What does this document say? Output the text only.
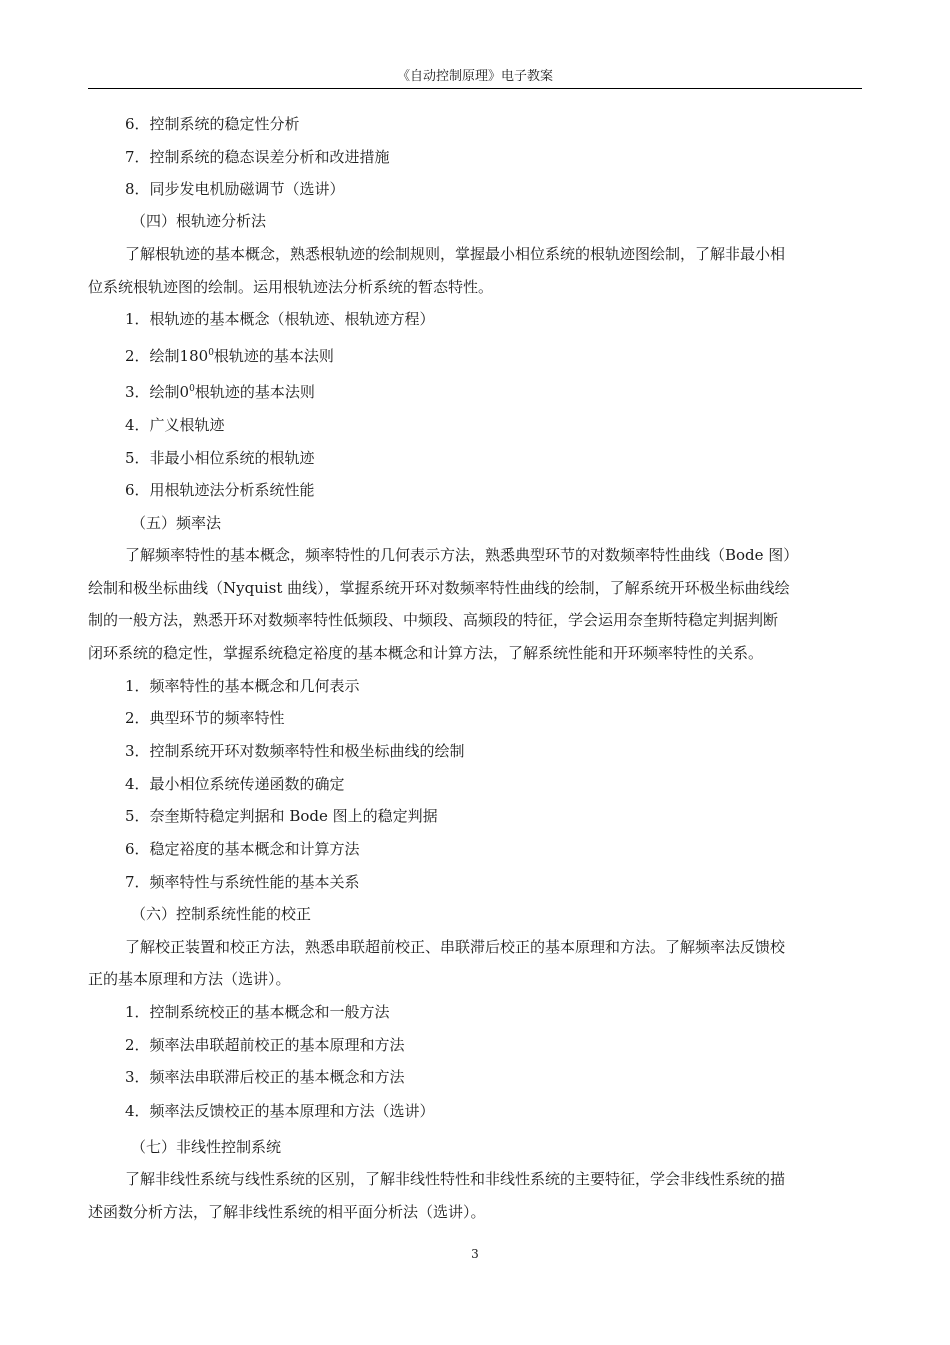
《自动控制原理》电子教案
6．控制系统的稳定性分析
7．控制系统的稳态误差分析和改进措施
8．同步发电机励磁调节（选讲）
（四）根轨迹分析法
了解根轨迹的基本概念，熟悉根轨迹的绘制规则，掌握最小相位系统的根轨迹图绘制，了解非最小相
位系统根轨迹图的绘制。运用根轨迹法分析系统的暂态特性。
1．根轨迹的基本概念（根轨迹、根轨迹方程）
2．绘制$180^0$根轨迹的基本法则
3．绘制$0^0$根轨迹的基本法则
4．广义根轨迹
5．非最小相位系统的根轨迹
6．用根轨迹法分析系统性能
（五）频率法
了解频率特性的基本概念，频率特性的几何表示方法，熟悉典型环节的对数频率特性曲线（Bode 图）
绘制和极坐标曲线（Nyquist 曲线），掌握系统开环对数频率特性曲线的绘制，了解系统开环极坐标曲线绘
制的一般方法，熟悉开环对数频率特性低频段、中频段、高频段的特征，学会运用奈奎斯特稳定判据判断
闭环系统的稳定性，掌握系统稳定裕度的基本概念和计算方法，了解系统性能和开环频率特性的关系。
1．频率特性的基本概念和几何表示
2．典型环节的频率特性
3．控制系统开环对数频率特性和极坐标曲线的绘制
4．最小相位系统传递函数的确定
5．奈奎斯特稳定判据和 Bode 图上的稳定判据
6．稳定裕度的基本概念和计算方法
7．频率特性与系统性能的基本关系
（六）控制系统性能的校正
了解校正装置和校正方法，熟悉串联超前校正、串联滞后校正的基本原理和方法。了解频率法反馈校
正的基本原理和方法（选讲）。
1．控制系统校正的基本概念和一般方法
2．频率法串联超前校正的基本原理和方法
3．频率法串联滞后校正的基本概念和方法
4．频率法反馈校正的基本原理和方法（选讲）
（七）非线性控制系统
了解非线性系统与线性系统的区别，了解非线性特性和非线性系统的主要特征，学会非线性系统的描
述函数分析方法，了解非线性系统的相平面分析法（选讲）。
3
